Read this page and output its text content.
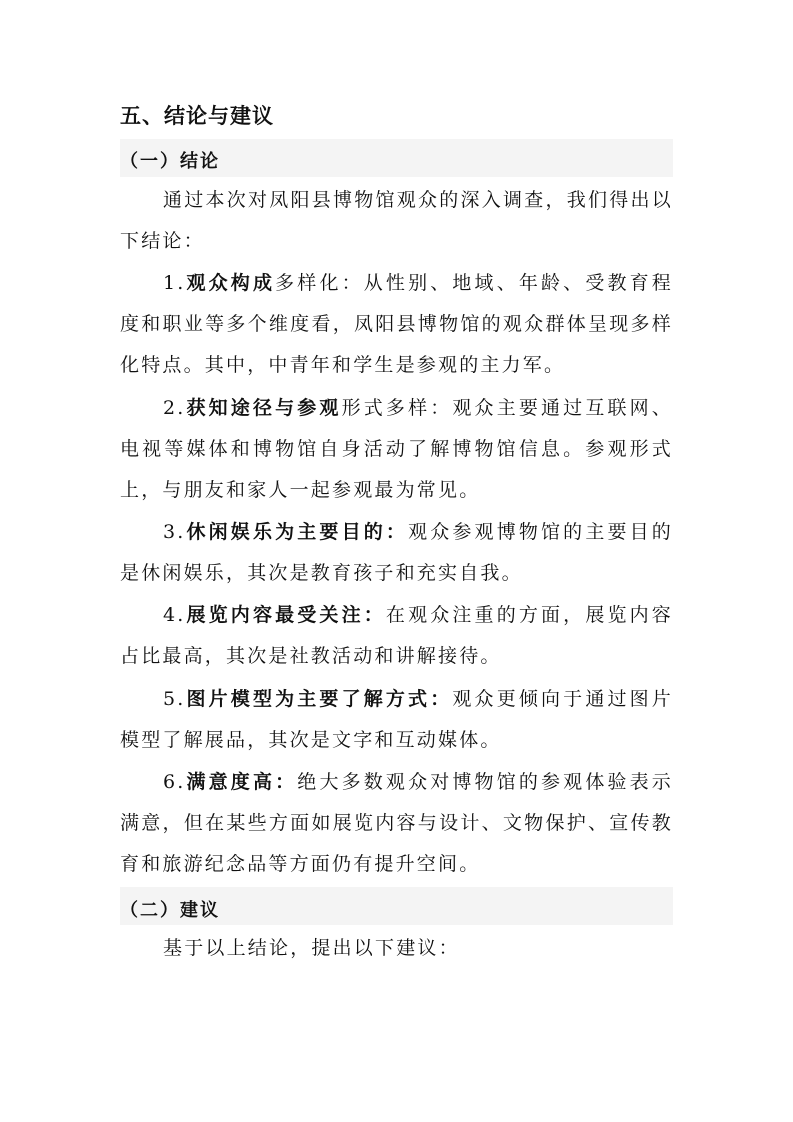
五、结论与建议
（一）结论

通过本次对凤阳县博物馆观众的深入调查，我们得出以下结论：

1.观众构成多样化：从性别、地域、年龄、受教育程度和职业等多个维度看，凤阳县博物馆的观众群体呈现多样化特点。其中，中青年和学生是参观的主力军。

2.获知途径与参观形式多样：观众主要通过互联网、电视等媒体和博物馆自身活动了解博物馆信息。参观形式上，与朋友和家人一起参观最为常见。

3.休闲娱乐为主要目的：观众参观博物馆的主要目的是休闲娱乐，其次是教育孩子和充实自我。

4.展览内容最受关注：在观众注重的方面，展览内容占比最高，其次是社教活动和讲解接待。

5.图片模型为主要了解方式：观众更倾向于通过图片模型了解展品，其次是文字和互动媒体。

6.满意度高：绝大多数观众对博物馆的参观体验表示满意，但在某些方面如展览内容与设计、文物保护、宣传教育和旅游纪念品等方面仍有提升空间。

（二）建议

基于以上结论，提出以下建议：
